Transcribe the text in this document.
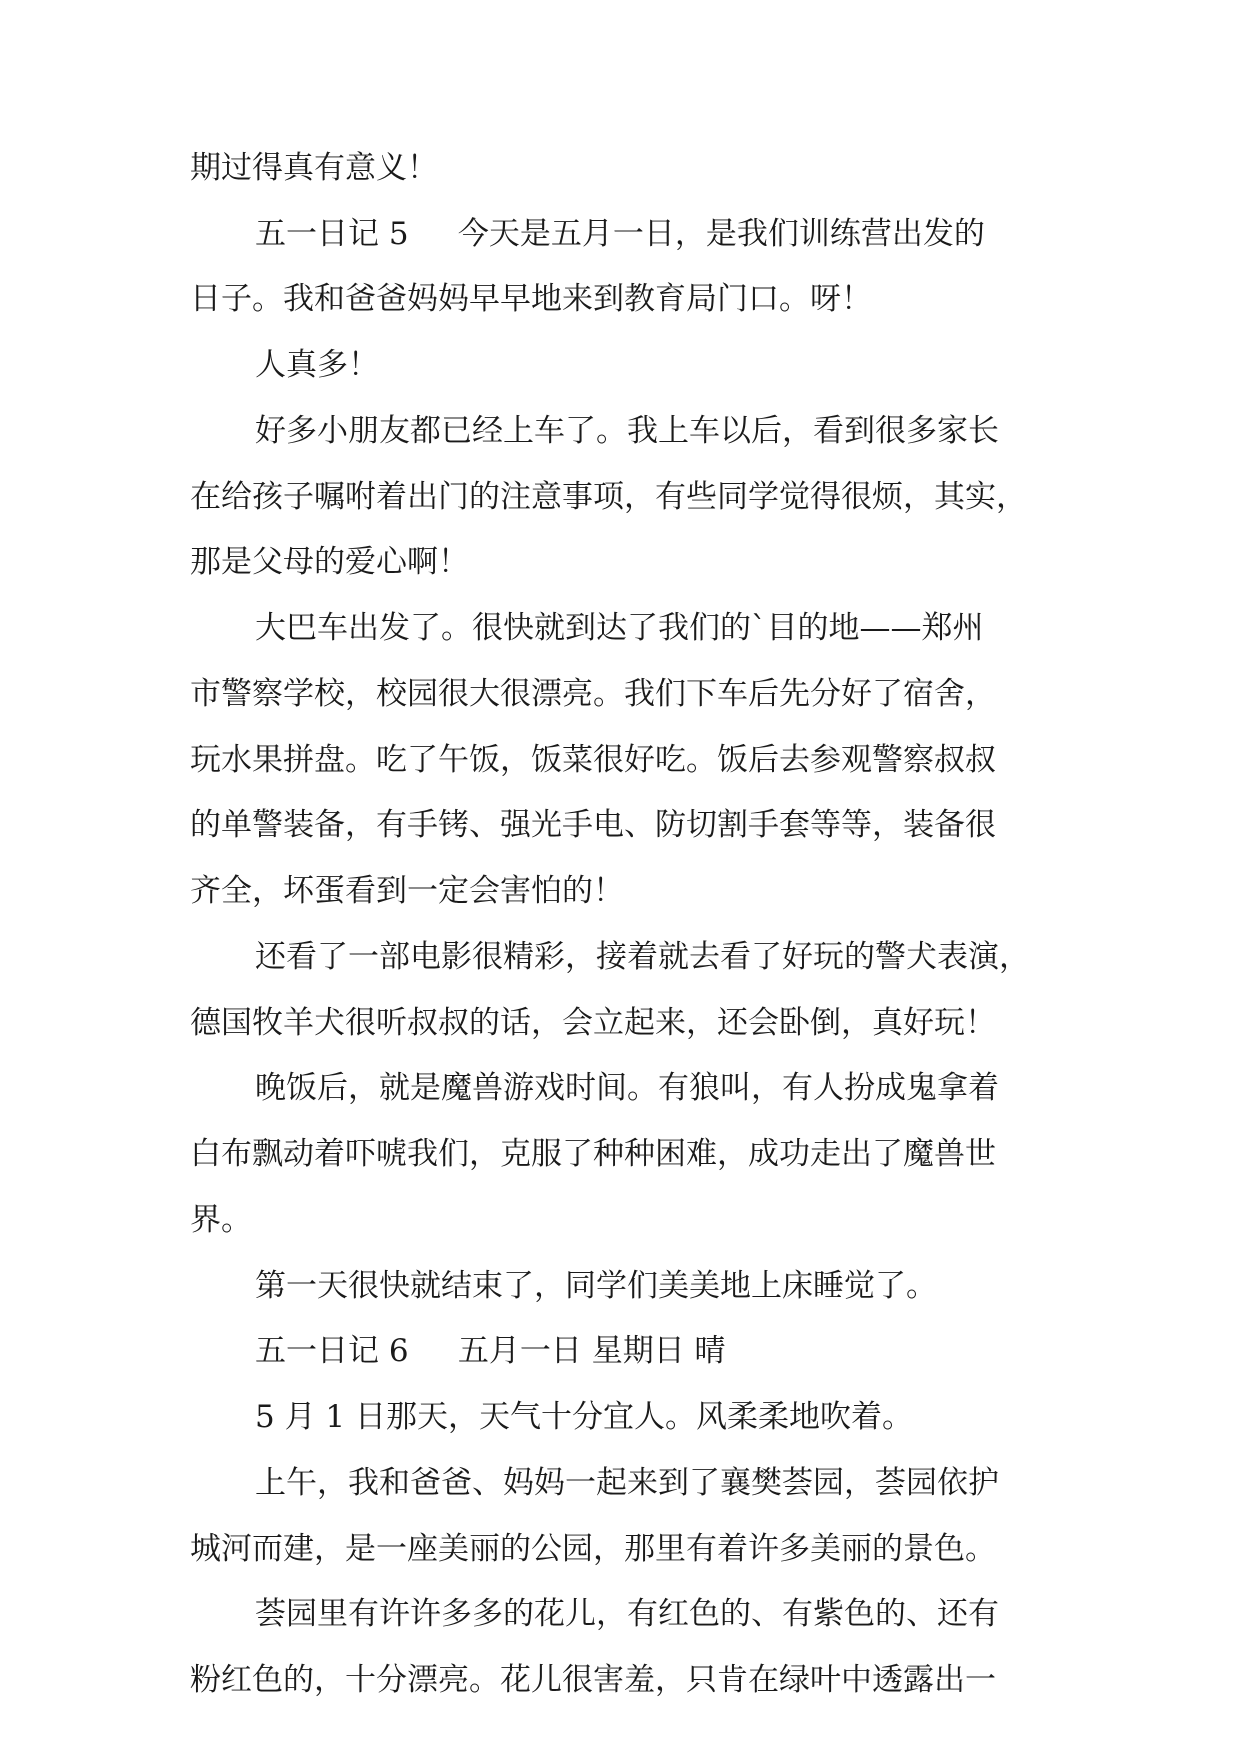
期过得真有意义！
五一日记 5     今天是五月一日，是我们训练营出发的
日子。我和爸爸妈妈早早地来到教育局门口。呀！
人真多！
好多小朋友都已经上车了。我上车以后，看到很多家长
在给孩子嘱咐着出门的注意事项，有些同学觉得很烦，其实，
那是父母的爱心啊！
大巴车出发了。很快就到达了我们的`目的地——郑州
市警察学校，校园很大很漂亮。我们下车后先分好了宿舍，
玩水果拼盘。吃了午饭，饭菜很好吃。饭后去参观警察叔叔
的单警装备，有手铐、强光手电、防切割手套等等，装备很
齐全，坏蛋看到一定会害怕的！
还看了一部电影很精彩，接着就去看了好玩的警犬表演，
德国牧羊犬很听叔叔的话，会立起来，还会卧倒，真好玩！
晚饭后，就是魔兽游戏时间。有狼叫，有人扮成鬼拿着
白布飘动着吓唬我们，克服了种种困难，成功走出了魔兽世
界。
第一天很快就结束了，同学们美美地上床睡觉了。
五一日记 6     五月一日 星期日 晴
5 月 1 日那天，天气十分宜人。风柔柔地吹着。
上午，我和爸爸、妈妈一起来到了襄樊荟园，荟园依护
城河而建，是一座美丽的公园，那里有着许多美丽的景色。
荟园里有许许多多的花儿，有红色的、有紫色的、还有
粉红色的，十分漂亮。花儿很害羞，只肯在绿叶中透露出一
